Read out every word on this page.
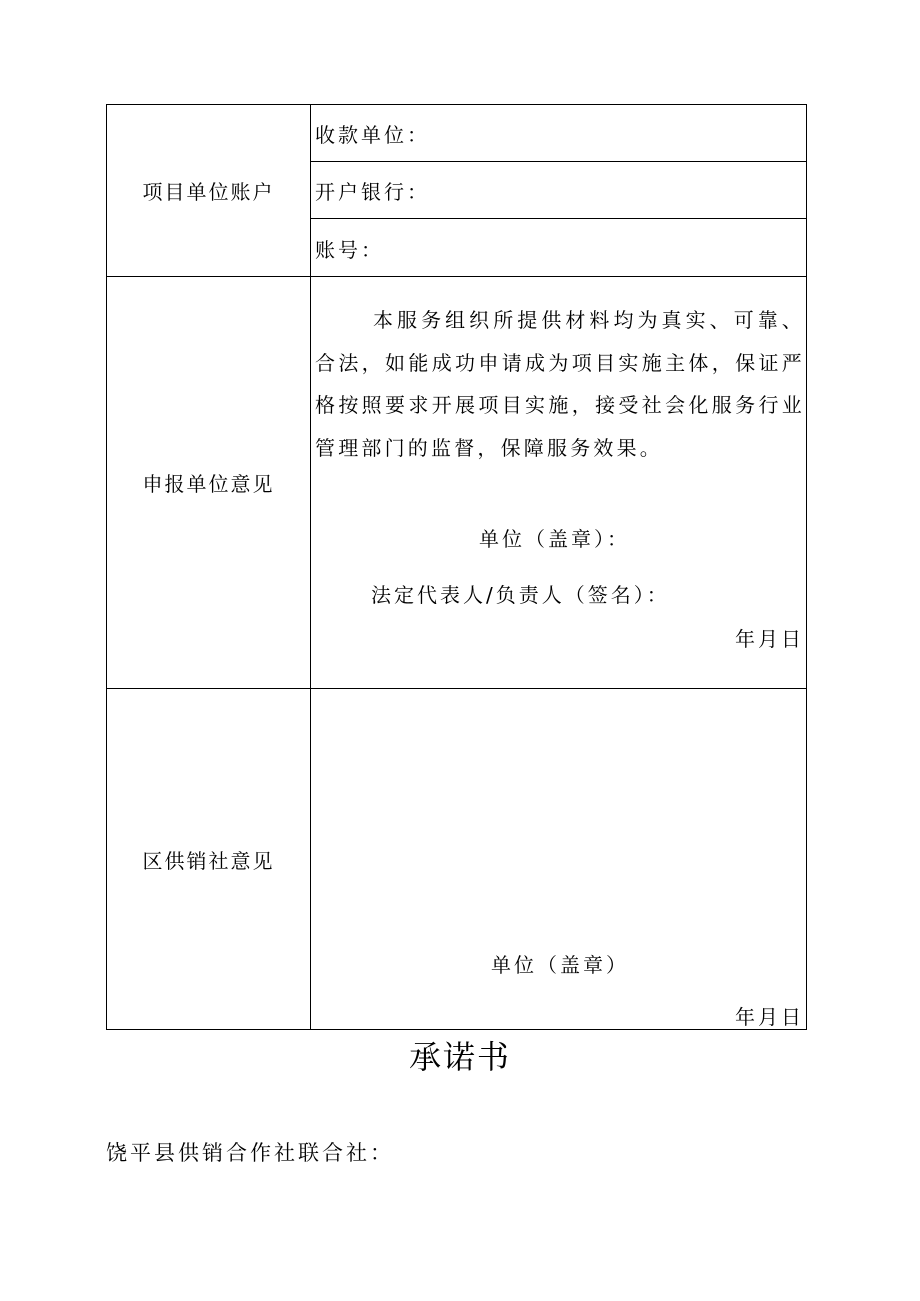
项目单位账户
收款单位：
开户银行：
账号：
申报单位意见
本服务组织所提供材料均为真实、可靠、合法，如能成功申请成为项目实施主体，保证严格按照要求开展项目实施，接受社会化服务行业管理部门的监督，保障服务效果。
单位（盖章）：
法定代表人/负责人（签名）：
年月日
区供销社意见
单位（盖章）
年月日
承诺书
饶平县供销合作社联合社：
